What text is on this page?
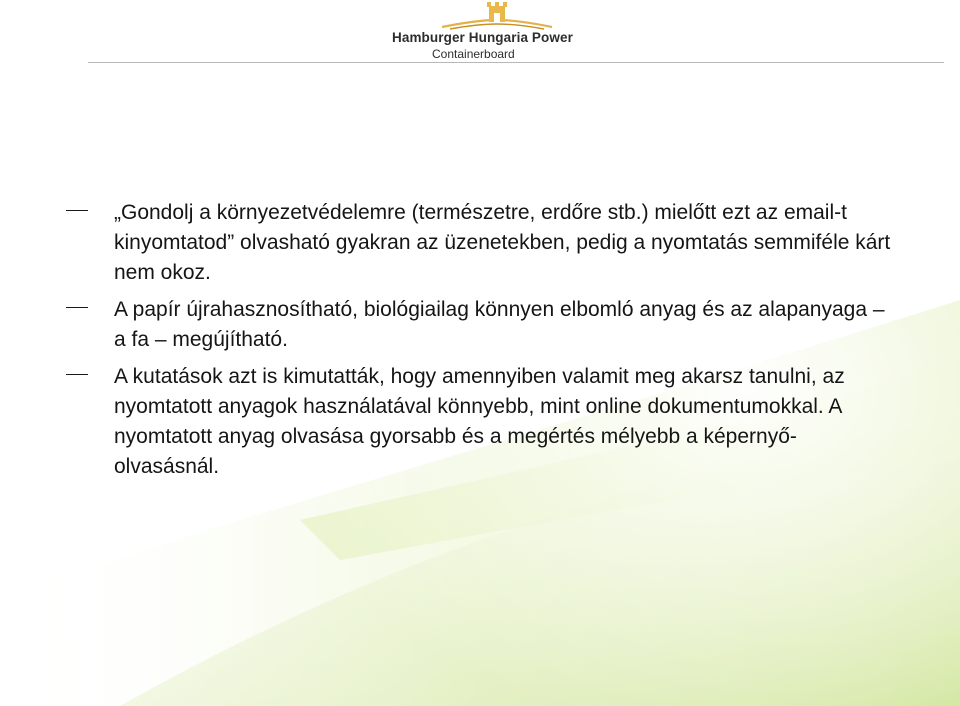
Hamburger Hungaria Power
Containerboard
„Gondolj a környezetvédelemre (természetre, erdőre stb.) mielőtt ezt az email-t kinyomtatod” olvasható gyakran az üzenetekben, pedig a nyomtatás semmiféle kárt nem okoz.
A papír újrahasznosítható, biológiailag könnyen elbomló anyag és az alapanyaga – a fa – megújítható.
A kutatások azt is kimutatták, hogy amennyiben valamit meg akarsz tanulni, az nyomtatott anyagok használatával könnyebb, mint online dokumentumokkal. A nyomtatott anyag olvasása gyorsabb és a megértés mélyebb a képernyő-olvasásnál.
